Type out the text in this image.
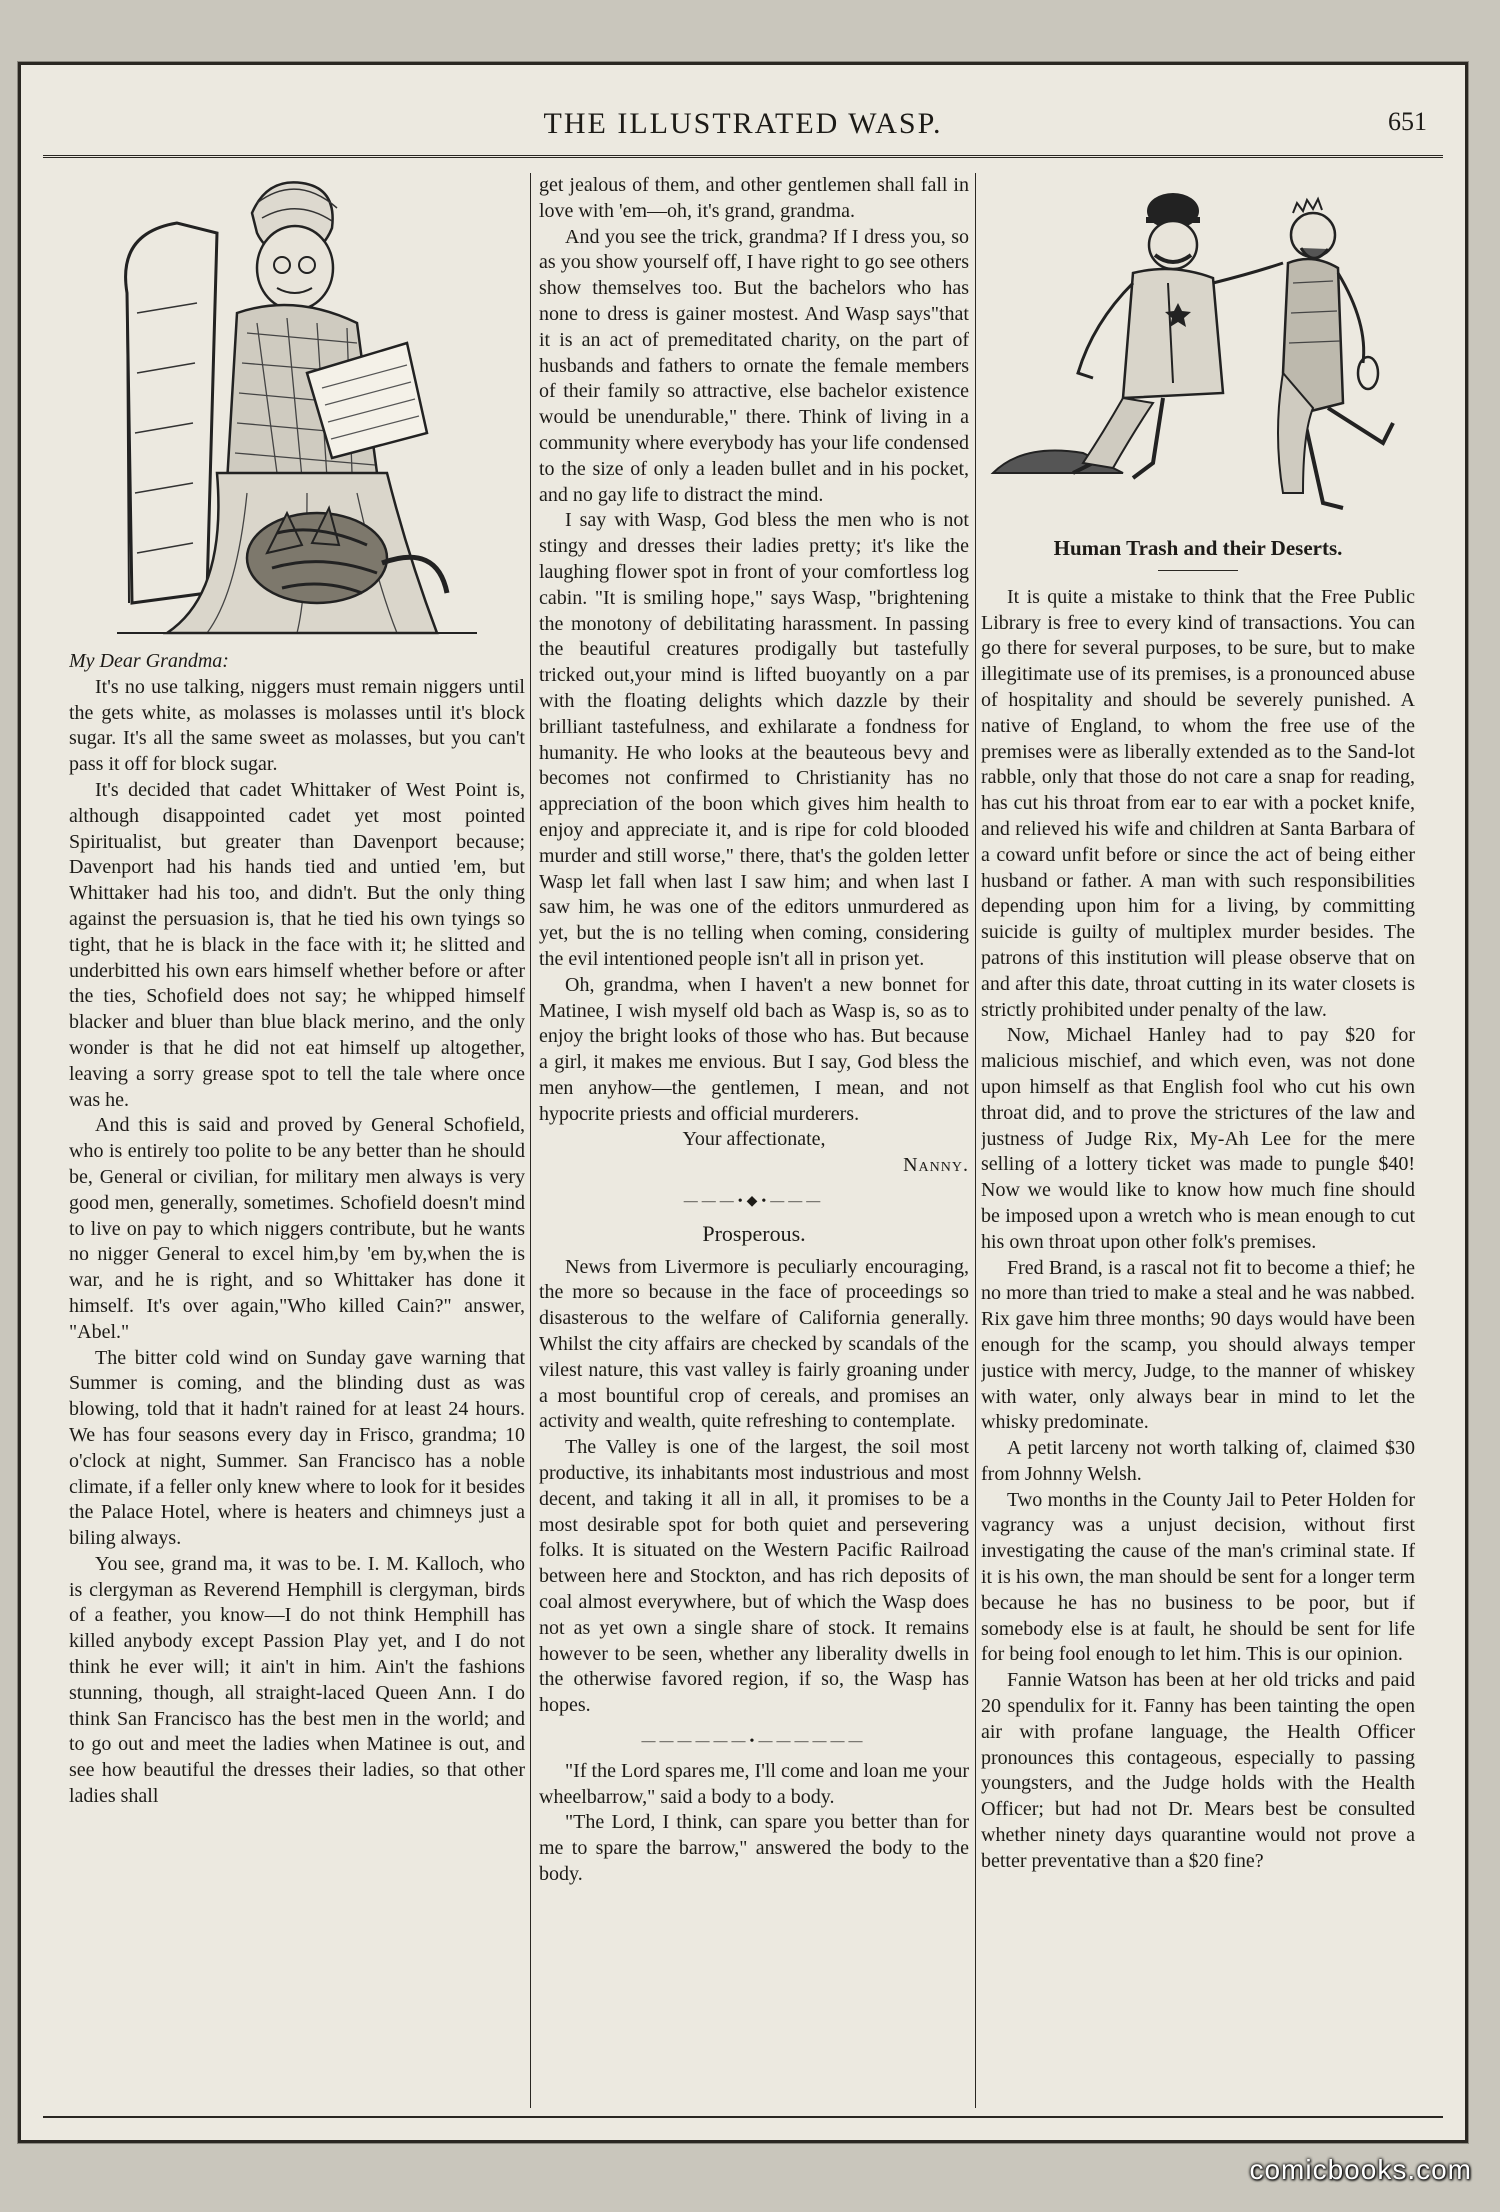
THE ILLUSTRATED WASP.	651

My Dear Grandma:

It's no use talking, niggers must remain niggers until the gets white, as molasses is molasses until it's block sugar. It's all the same sweet as molasses, but you can't pass it off for block sugar.

It's decided that cadet Whittaker of West Point is, although disappointed cadet yet most pointed Spiritualist, but greater than Davenport because; Davenport had his hands tied and untied 'em, but Whittaker had his too, and didn't. But the only thing against the persuasion is, that he tied his own tyings so tight, that he is black in the face with it; he slitted and underbitted his own ears himself whether before or after the ties, Schofield does not say; he whipped himself blacker and bluer than blue black merino, and the only wonder is that he did not eat himself up altogether, leaving a sorry grease spot to tell the tale where once was he.

And this is said and proved by General Schofield, who is entirely too polite to be any better than he should be, General or civilian, for military men always is very good men, generally, sometimes. Schofield doesn't mind to live on pay to which niggers contribute, but he wants no nigger General to excel him,by 'em by,when the is war, and he is right, and so Whittaker has done it himself. It's over again,"Who killed Cain?" answer, "Abel."

The bitter cold wind on Sunday gave warning that Summer is coming, and the blinding dust as was blowing, told that it hadn't rained for at least 24 hours. We has four seasons every day in Frisco, grandma; 10 o'clock at night, Summer. San Francisco has a noble climate, if a feller only knew where to look for it besides the Palace Hotel, where is heaters and chimneys just a biling always.

You see, grand ma, it was to be. I. M. Kalloch, who is clergyman as Reverend Hemphill is clergyman, birds of a feather, you know—I do not think Hemphill has killed anybody except Passion Play yet, and I do not think he ever will; it ain't in him. Ain't the fashions stunning, though, all straight-laced Queen Ann. I do think San Francisco has the best men in the world; and to go out and meet the ladies when Matinee is out, and see how beautiful the dresses their ladies, so that other ladies shall

get jealous of them, and other gentlemen shall fall in love with 'em—oh, it's grand, grandma.

And you see the trick, grandma? If I dress you, so as you show yourself off, I have right to go see others show themselves too. But the bachelors who has none to dress is gainer mostest. And Wasp says"that it is an act of premeditated charity, on the part of husbands and fathers to ornate the female members of their family so attractive, else bachelor existence would be unendurable," there. Think of living in a community where everybody has your life condensed to the size of only a leaden bullet and in his pocket, and no gay life to distract the mind.

I say with Wasp, God bless the men who is not stingy and dresses their ladies pretty; it's like the laughing flower spot in front of your comfortless log cabin. "It is smiling hope," says Wasp, "brightening the monotony of debilitating harassment. In passing the beautiful creatures prodigally but tastefully tricked out,your mind is lifted buoyantly on a par with the floating delights which dazzle by their brilliant tastefulness, and exhilarate a fondness for humanity. He who looks at the beauteous bevy and becomes not confirmed to Christianity has no appreciation of the boon which gives him health to enjoy and appreciate it, and is ripe for cold blooded murder and still worse," there, that's the golden letter Wasp let fall when last I saw him; and when last I saw him, he was one of the editors unmurdered as yet, but the is no telling when coming, considering the evil intentioned people isn't all in prison yet.

Oh, grandma, when I haven't a new bonnet for Matinee, I wish myself old bach as Wasp is, so as to enjoy the bright looks of those who has. But because a girl, it makes me envious. But I say, God bless the men anyhow—the gentlemen, I mean, and not hypocrite priests and official murderers.

Your affectionate,

Nanny.

———•◆•———

Prosperous.

News from Livermore is peculiarly encouraging, the more so because in the face of proceedings so disasterous to the welfare of California generally. Whilst the city affairs are checked by scandals of the vilest nature, this vast valley is fairly groaning under a most bountiful crop of cereals, and promises an activity and wealth, quite refreshing to contemplate.

The Valley is one of the largest, the soil most productive, its inhabitants most industrious and most decent, and taking it all in all, it promises to be a most desirable spot for both quiet and persevering folks. It is situated on the Western Pacific Railroad between here and Stockton, and has rich deposits of coal almost everywhere, but of which the Wasp does not as yet own a single share of stock. It remains however to be seen, whether any liberality dwells in the otherwise favored region, if so, the Wasp has hopes.

——————•——————

"If the Lord spares me, I'll come and loan me your wheelbarrow," said a body to a body.

"The Lord, I think, can spare you better than for me to spare the barrow," answered the body to the body.

Human Trash and their Deserts.

It is quite a mistake to think that the Free Public Library is free to every kind of transactions. You can go there for several purposes, to be sure, but to make illegitimate use of its premises, is a pronounced abuse of hospitality and should be severely punished. A native of England, to whom the free use of the premises were as liberally extended as to the Sand-lot rabble, only that those do not care a snap for reading, has cut his throat from ear to ear with a pocket knife, and relieved his wife and children at Santa Barbara of a coward unfit before or since the act of being either husband or father. A man with such responsibilities depending upon him for a living, by committing suicide is guilty of multiplex murder besides. The patrons of this institution will please observe that on and after this date, throat cutting in its water closets is strictly prohibited under penalty of the law.

Now, Michael Hanley had to pay $20 for malicious mischief, and which even, was not done upon himself as that English fool who cut his own throat did, and to prove the strictures of the law and justness of Judge Rix, My-Ah Lee for the mere selling of a lottery ticket was made to pungle $40! Now we would like to know how much fine should be imposed upon a wretch who is mean enough to cut his own throat upon other folk's premises.

Fred Brand, is a rascal not fit to become a thief; he no more than tried to make a steal and he was nabbed. Rix gave him three months; 90 days would have been enough for the scamp, you should always temper justice with mercy, Judge, to the manner of whiskey with water, only always bear in mind to let the whisky predominate.

A petit larceny not worth talking of, claimed $30 from Johnny Welsh.

Two months in the County Jail to Peter Holden for vagrancy was a unjust decision, without first investigating the cause of the man's criminal state. If it is his own, the man should be sent for a longer term because he has no business to be poor, but if somebody else is at fault, he should be sent for life for being fool enough to let him. This is our opinion.

Fannie Watson has been at her old tricks and paid 20 spendulix for it. Fanny has been tainting the open air with profane language, the Health Officer pronounces this contageous, especially to passing youngsters, and the Judge holds with the Health Officer; but had not Dr. Mears best be consulted whether ninety days quarantine would not prove a better preventative than a $20 fine?

comicbooks.com
